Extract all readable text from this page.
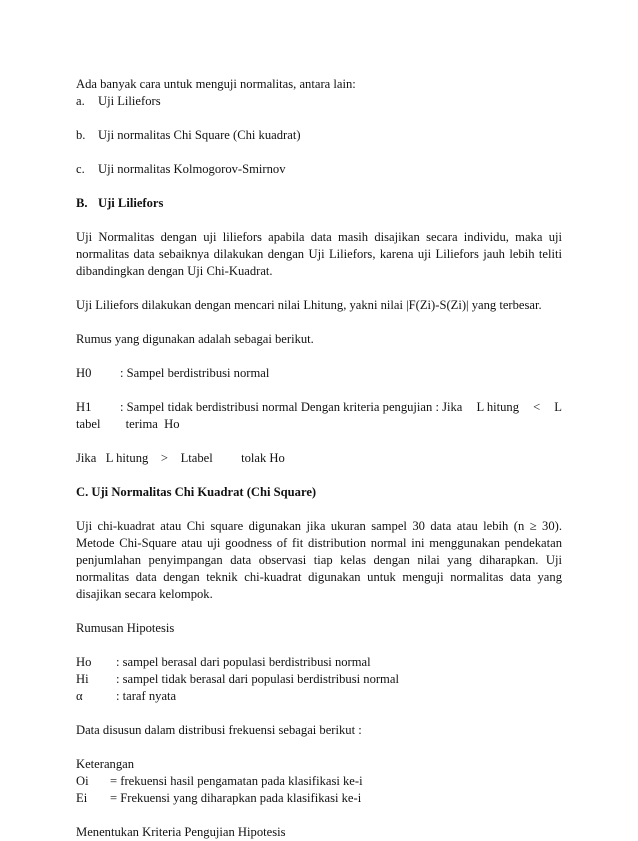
Ada banyak cara untuk menguji normalitas, antara lain:

a.	Uji Liliefors

b. Uji normalitas Chi Square (Chi kuadrat)

c.	Uji normalitas Kolmogorov-Smirnov

B. Uji Liliefors

Uji Normalitas dengan uji liliefors apabila data masih disajikan secara individu, maka uji normalitas data sebaiknya dilakukan dengan Uji Liliefors, karena uji Liliefors jauh lebih teliti dibandingkan dengan Uji Chi-Kuadrat.

Uji Liliefors dilakukan dengan mencari nilai Lhitung, yakni nilai |F(Zi)-S(Zi)| yang terbesar.

Rumus yang digunakan adalah sebagai berikut.

H0	: Sampel berdistribusi normal

H1	: Sampel tidak berdistribusi normal Dengan kriteria pengujian : Jika L hitung < L

tabel        terima  Ho

Jika   L hitung    >    Ltabel         tolak Ho

C. Uji Normalitas Chi Kuadrat (Chi Square)

Uji chi-kuadrat atau Chi square digunakan jika ukuran sampel 30 data atau lebih (n ≥ 30). Metode Chi-Square atau uji goodness of fit distribution normal ini menggunakan pendekatan penjumlahan penyimpangan data observasi tiap kelas dengan nilai yang diharapkan. Uji normalitas data dengan teknik chi-kuadrat digunakan untuk menguji normalitas data yang disajikan secara kelompok.

Rumusan Hipotesis

Ho	: sampel berasal dari populasi berdistribusi normal

Hi	: sampel tidak berasal dari populasi berdistribusi normal

α	: taraf nyata

Data disusun dalam distribusi frekuensi sebagai berikut :

Keterangan

Oi	= frekuensi hasil pengamatan pada klasifikasi ke-i

Ei	= Frekuensi yang diharapkan pada klasifikasi ke-i

Menentukan Kriteria Pengujian Hipotesis
